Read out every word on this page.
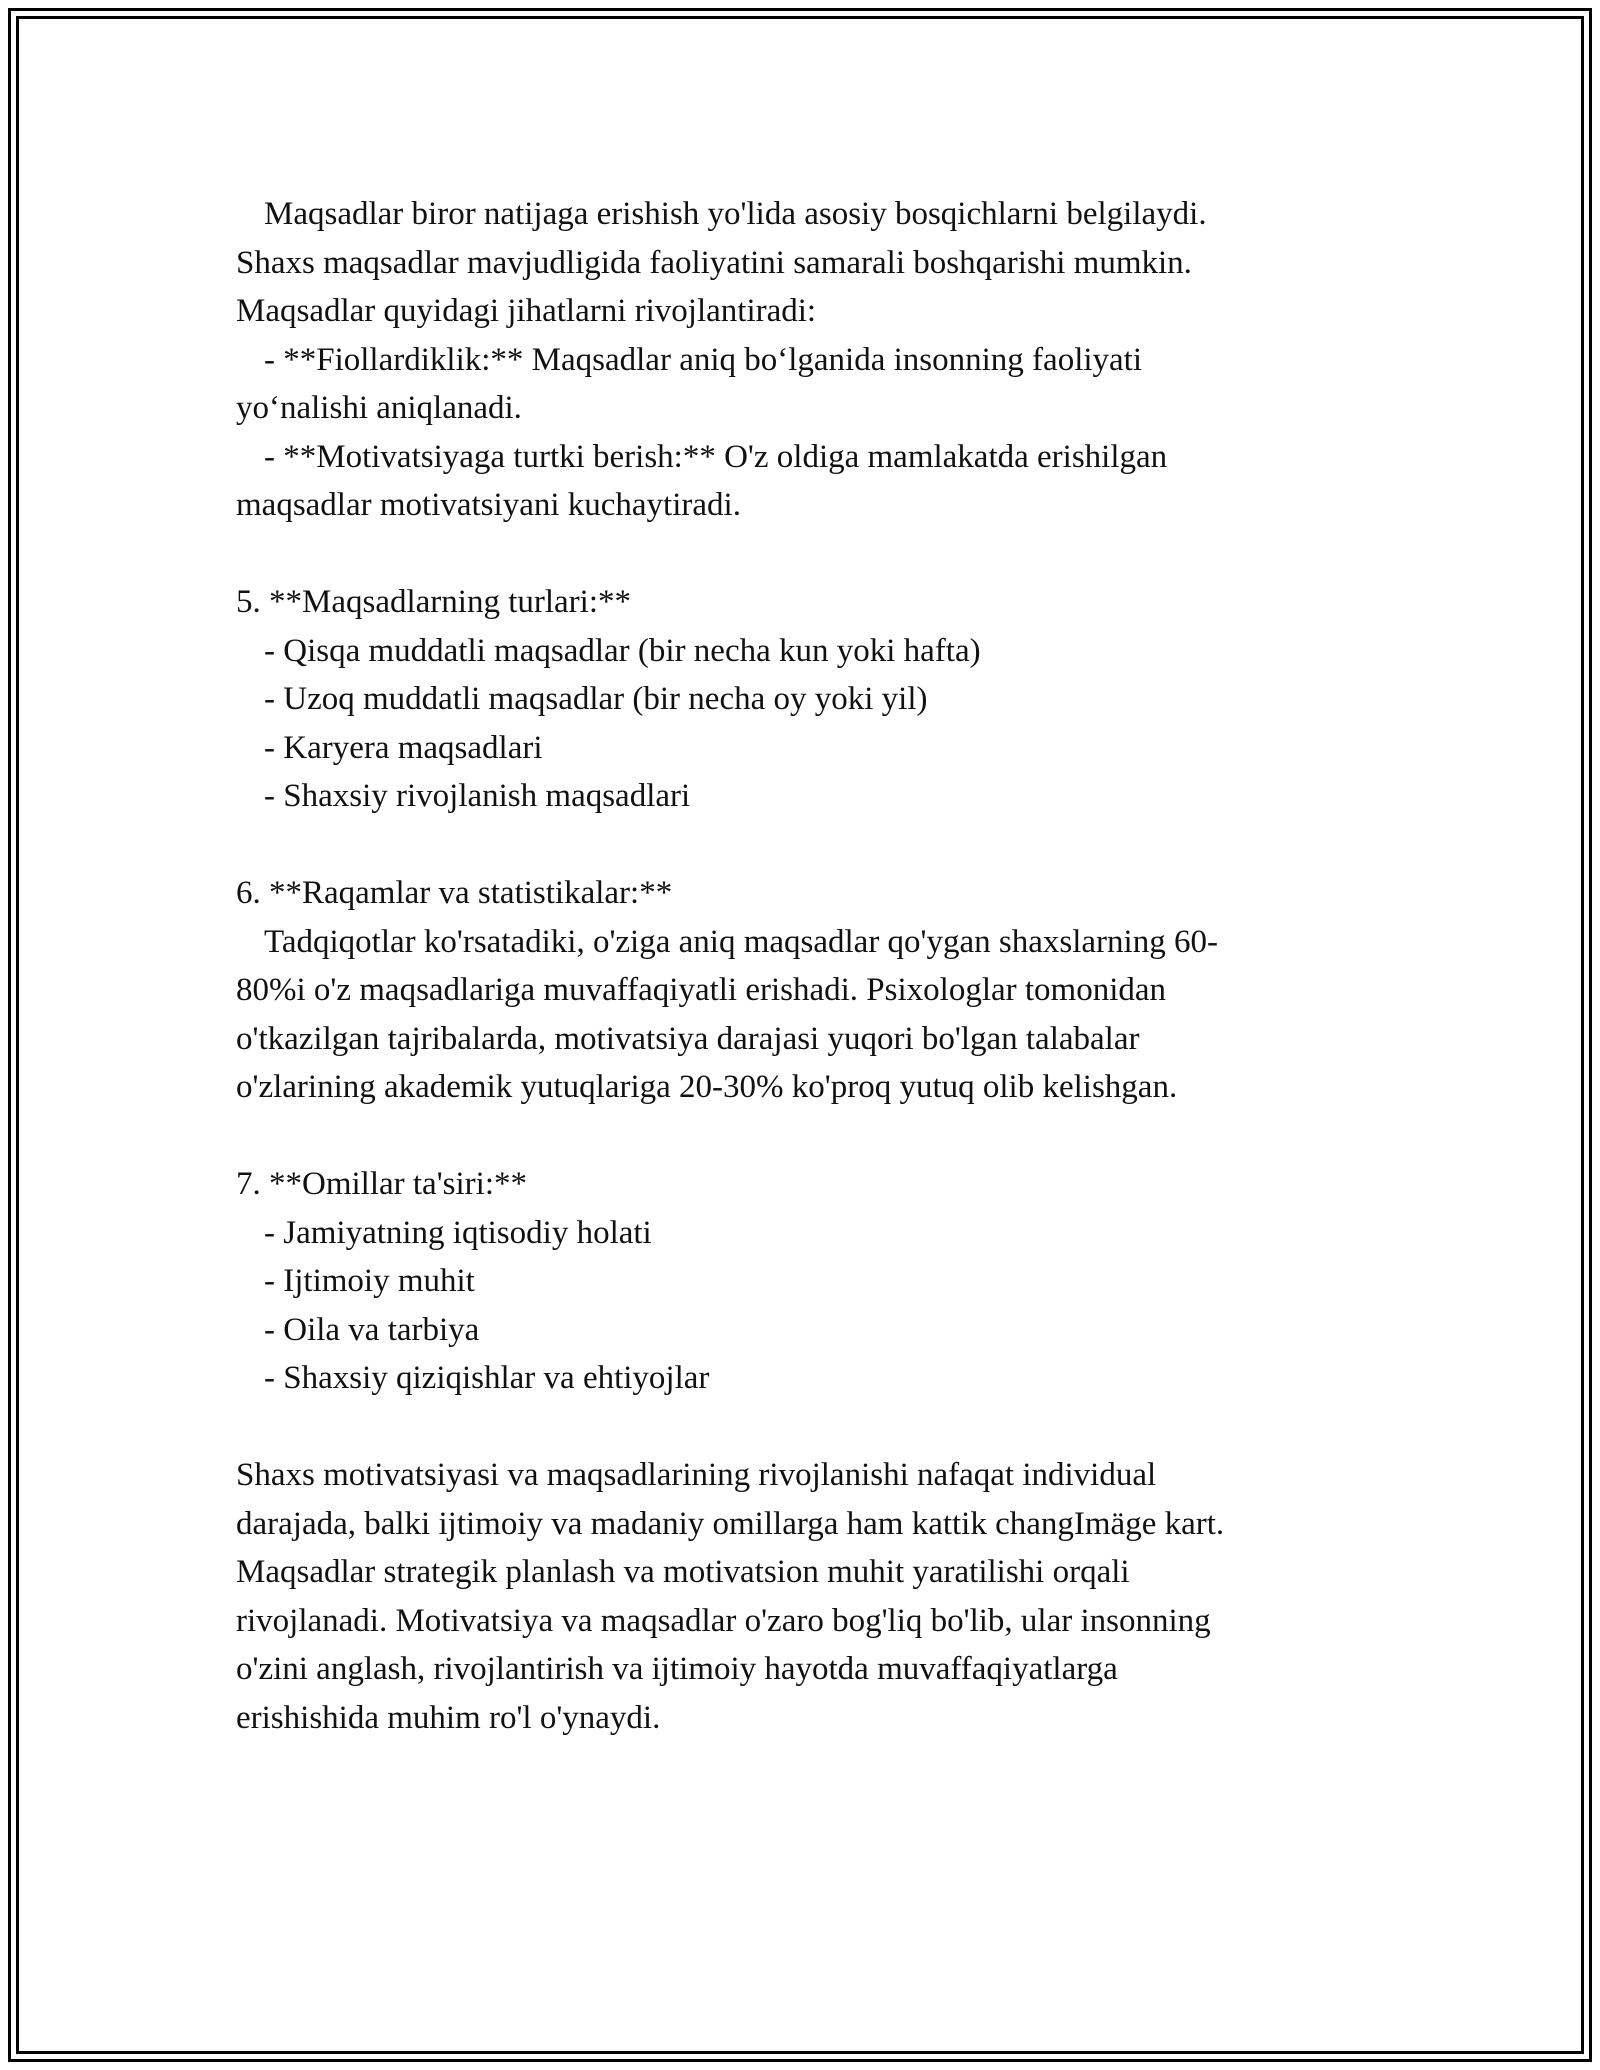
Maqsadlar biror natijaga erishish yo'lida asosiy bosqichlarni belgilaydi.
Shaxs maqsadlar mavjudligida faoliyatini samarali boshqarishi mumkin.
Maqsadlar quyidagi jihatlarni rivojlantiradi:
- **Fiollardiklik:** Maqsadlar aniq boʻlganida insonning faoliyati
yoʻnalishi aniqlanadi.
- **Motivatsiyaga turtki berish:** O'z oldiga mamlakatda erishilgan
maqsadlar motivatsiyani kuchaytiradi.
5. **Maqsadlarning turlari:**
- Qisqa muddatli maqsadlar (bir necha kun yoki hafta)
- Uzoq muddatli maqsadlar (bir necha oy yoki yil)
- Karyera maqsadlari
- Shaxsiy rivojlanish maqsadlari
6. **Raqamlar va statistikalar:**
Tadqiqotlar ko'rsatadiki, o'ziga aniq maqsadlar qo'ygan shaxslarning 60-
80%i o'z maqsadlariga muvaffaqiyatli erishadi. Psixologlar tomonidan
o'tkazilgan tajribalarda, motivatsiya darajasi yuqori bo'lgan talabalar
o'zlarining akademik yutuqlariga 20-30% ko'proq yutuq olib kelishgan.
7. **Omillar ta'siri:**
- Jamiyatning iqtisodiy holati
- Ijtimoiy muhit
- Oila va tarbiya
- Shaxsiy qiziqishlar va ehtiyojlar
Shaxs motivatsiyasi va maqsadlarining rivojlanishi nafaqat individual
darajada, balki ijtimoiy va madaniy omillarga ham kattik changImäge kart.
Maqsadlar strategik planlash va motivatsion muhit yaratilishi orqali
rivojlanadi. Motivatsiya va maqsadlar o'zaro bog'liq bo'lib, ular insonning
o'zini anglash, rivojlantirish va ijtimoiy hayotda muvaffaqiyatlarga
erishishida muhim ro'l o'ynaydi.
